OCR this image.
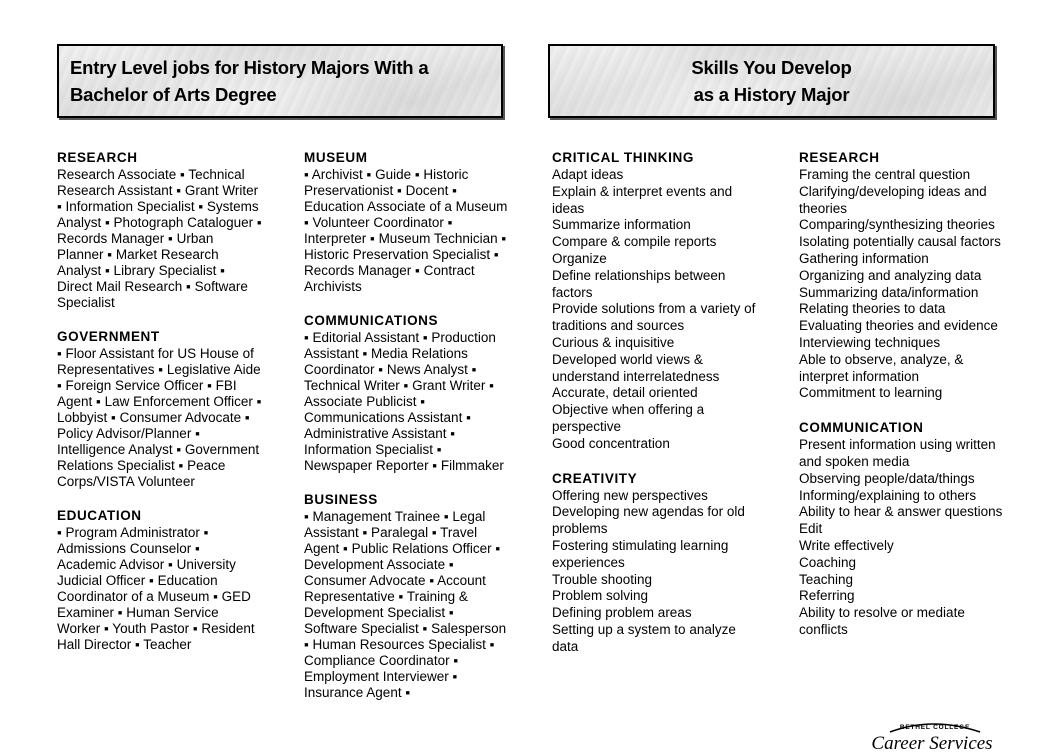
Entry Level jobs for History Majors With a
Bachelor of Arts Degree
Skills You Develop
as a History Major
RESEARCH
Research Associate ▪ Technical Research Assistant ▪ Grant Writer ▪ Information Specialist ▪ Systems Analyst ▪ Photograph Cataloguer ▪ Records Manager ▪ Urban Planner ▪ Market Research Analyst ▪ Library Specialist ▪ Direct Mail Research ▪ Software Specialist
GOVERNMENT
▪ Floor Assistant for US House of Representatives ▪ Legislative Aide ▪ Foreign Service Officer ▪ FBI Agent ▪ Law Enforcement Officer ▪ Lobbyist ▪ Consumer Advocate ▪ Policy Advisor/Planner ▪ Intelligence Analyst ▪ Government Relations Specialist ▪ Peace Corps/VISTA Volunteer
EDUCATION
▪ Program Administrator ▪ Admissions Counselor ▪ Academic Advisor ▪ University Judicial Officer ▪ Education Coordinator of a Museum ▪ GED Examiner ▪ Human Service Worker ▪ Youth Pastor ▪ Resident Hall Director ▪ Teacher
MUSEUM
▪ Archivist ▪ Guide ▪ Historic Preservationist ▪ Docent ▪ Education Associate of a Museum ▪ Volunteer Coordinator ▪ Interpreter ▪ Museum Technician ▪ Historic Preservation Specialist ▪ Records Manager ▪ Contract Archivists
COMMUNICATIONS
▪ Editorial Assistant ▪ Production Assistant ▪ Media Relations Coordinator ▪ News Analyst ▪ Technical Writer ▪ Grant Writer ▪ Associate Publicist ▪ Communications Assistant ▪ Administrative Assistant ▪ Information Specialist ▪ Newspaper Reporter ▪ Filmmaker
BUSINESS
▪ Management Trainee ▪ Legal Assistant ▪ Paralegal ▪ Travel Agent ▪ Public Relations Officer ▪ Development Associate ▪ Consumer Advocate ▪ Account Representative ▪ Training & Development Specialist ▪ Software Specialist ▪ Salesperson ▪ Human Resources Specialist ▪ Compliance Coordinator ▪ Employment Interviewer ▪ Insurance Agent ▪
CRITICAL THINKING
Adapt ideas
Explain & interpret events and ideas
Summarize information
Compare & compile reports
Organize
Define relationships between factors
Provide solutions from a variety of traditions and sources
Curious & inquisitive
Developed world views & understand interrelatedness
Accurate, detail oriented
Objective when offering a perspective
Good concentration
CREATIVITY
Offering new perspectives
Developing new agendas for old problems
Fostering stimulating learning experiences
Trouble shooting
Problem solving
Defining problem areas
Setting up a system to analyze data
RESEARCH
Framing the central question
Clarifying/developing ideas and theories
Comparing/synthesizing theories
Isolating potentially causal factors
Gathering information
Organizing and analyzing data
Summarizing data/information
Relating theories to data
Evaluating theories and evidence
Interviewing techniques
Able to observe, analyze, & interpret information
Commitment to learning
COMMUNICATION
Present information using written and spoken media
Observing people/data/things
Informing/explaining to others
Ability to hear & answer questions
Edit
Write effectively
Coaching
Teaching
Referring
Ability to resolve or mediate conflicts
BETHEL COLLEGE
Career Services
